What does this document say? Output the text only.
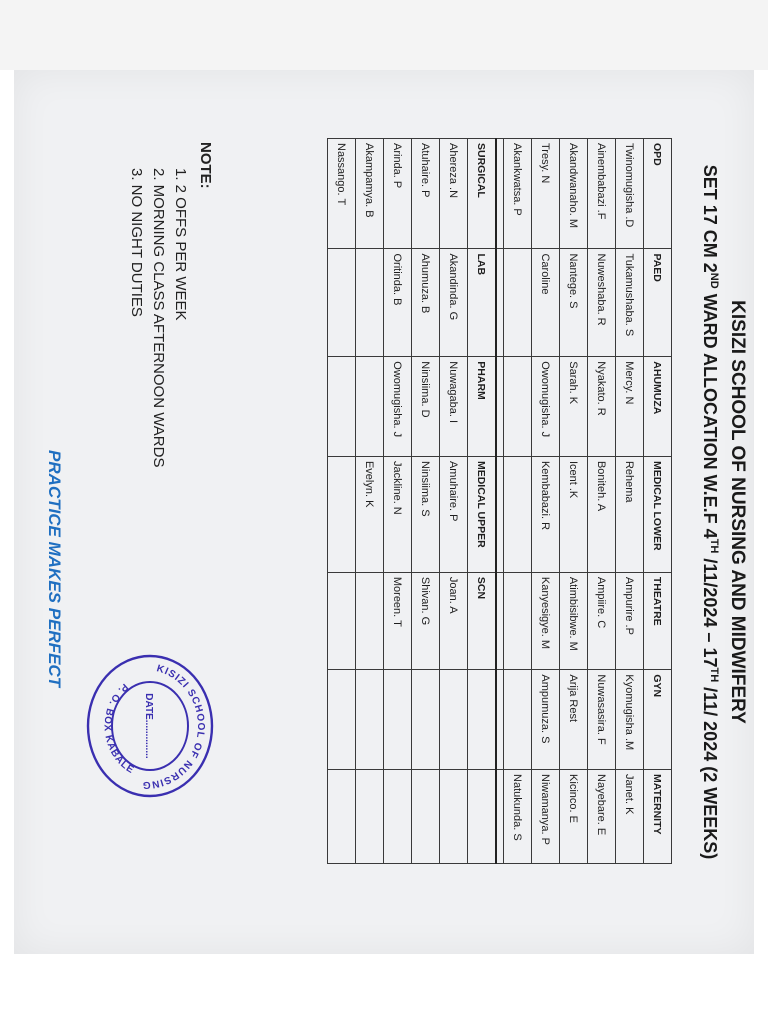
KISIZI SCHOOL OF NURSING AND MIDWIFERY
SET 17 CM 2ND WARD ALLOCATION W.E.F 4TH /11/2024 – 17TH /11/ 2024 (2 WEEKS)
OPD	PAED	AHUMUZA	MEDICAL LOWER	THEATRE	GYN	MATERNITY
Twinomugisha .D	Tukamushaba. S	Mercy. N	Rehema	Ampurire .P	Kyomugisha .M	Janet. K
Ainembabazi .F	Nuweshaba. R	Nyakato. R	Boniteh. A	Ampiire. C	Nuwasasira. F	Nayebare. E
Akandwanaho. M	Nantege. S	Sarah. K	Icent .K	Atimbisibwe. M	Arija Rest	Kicinco. E
Tresy. N	Caroline	Owomugisha. J	Kembabazi. R	Kanyesigye. M	Ampumuza. S	Niwamanya. P
Akankwatsa. P						Natukunda. S

SURGICAL	LAB	PHARM	MEDICAL UPPER	SCN		
Ahereza .N	Akandinda. G	Nuwagaba. I	Amuhaire. P	Joan. A		
Atuhaire. P	Ahumuza. B	Ninsiima. D	Ninsiima. S	Shivan. G		
Arinda. P	Oritinda. B	Owomugisha. J	Jackline. N	Moreen. T		
Akampamya. B			Evelyn. K			
Nassango. T						
NOTE:
1. 2 OFFS PER WEEK
2. MORNING CLASS AFTERNOON WARDS
3. NO NIGHT DUTIES
PRACTICE MAKES PERFECT	KISIZI SCHOOL OF NURSING
P. O. BOX KABALE
DATE..............
